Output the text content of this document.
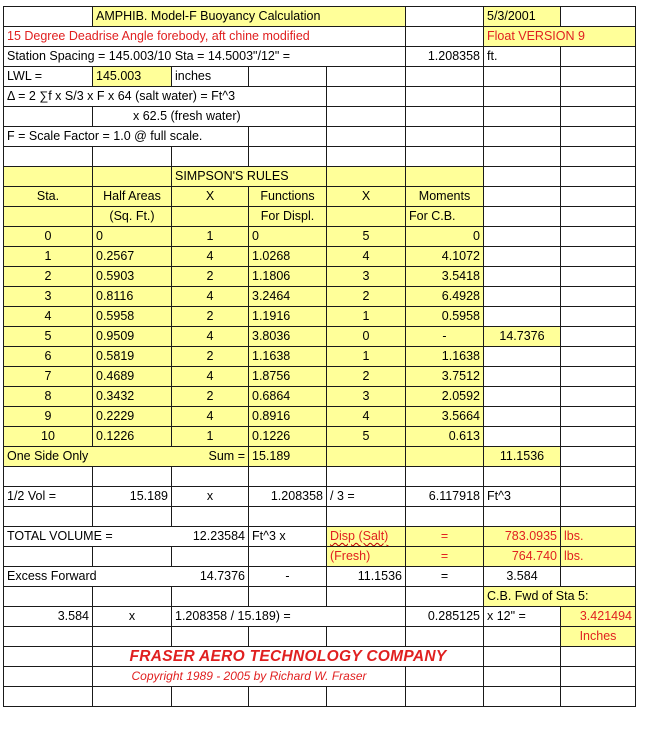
	AMPHIB. Model-F Buoyancy Calculation					5/3/2001	
15 Degree Deadrise Angle forebody, aft chine modified						Float VERSION 9	
Station Spacing = 145.003/10 Sta = 14.5003"/12" =					1.208358	ft.	
LWL =	145.003	inches					
Δ = 2 ∑f x S/3 x F x 64 (salt water) = Ft^3							
	x 62.5 (fresh water)						
F = Scale Factor = 1.0 @ full scale.							

		SIMPSON'S RULES					
Sta.	Half Areas	X	Functions	X	Moments		
	(Sq. Ft.)		For Displ.		For C.B.		
0	0	1	0	5	0		
1	0.2567	4	1.0268	4	4.1072		
2	0.5903	2	1.1806	3	3.5418		
3	0.8116	4	3.2464	2	6.4928		
4	0.5958	2	1.1916	1	0.5958		
5	0.9509	4	3.8036	0	-	14.7376	
6	0.5819	2	1.1638	1	1.1638		
7	0.4689	4	1.8756	2	3.7512		
8	0.3432	2	0.6864	3	2.0592		
9	0.2229	4	0.8916	4	3.5664		
10	0.1226	1	0.1226	5	0.613		
One Side Only		Sum =	15.189			11.1536	

1/2 Vol =	15.189	x	1.208358	/ 3 =	6.117918	Ft^3	

TOTAL VOLUME =		12.23584	Ft^3 x	Disp (Salt)	=	783.0935	lbs.
				(Fresh)	=	764.740	lbs.
Excess Forward		14.7376	-	11.1536	=	3.584	
						C.B. Fwd of Sta 5:	
3.584	x	1.208358 / 15.189) =			0.285125	x 12" =	3.421494
							Inches
	FRASER AERO TECHNOLOGY COMPANY						
	Copyright 1989 - 2005 by Richard W. Fraser						
